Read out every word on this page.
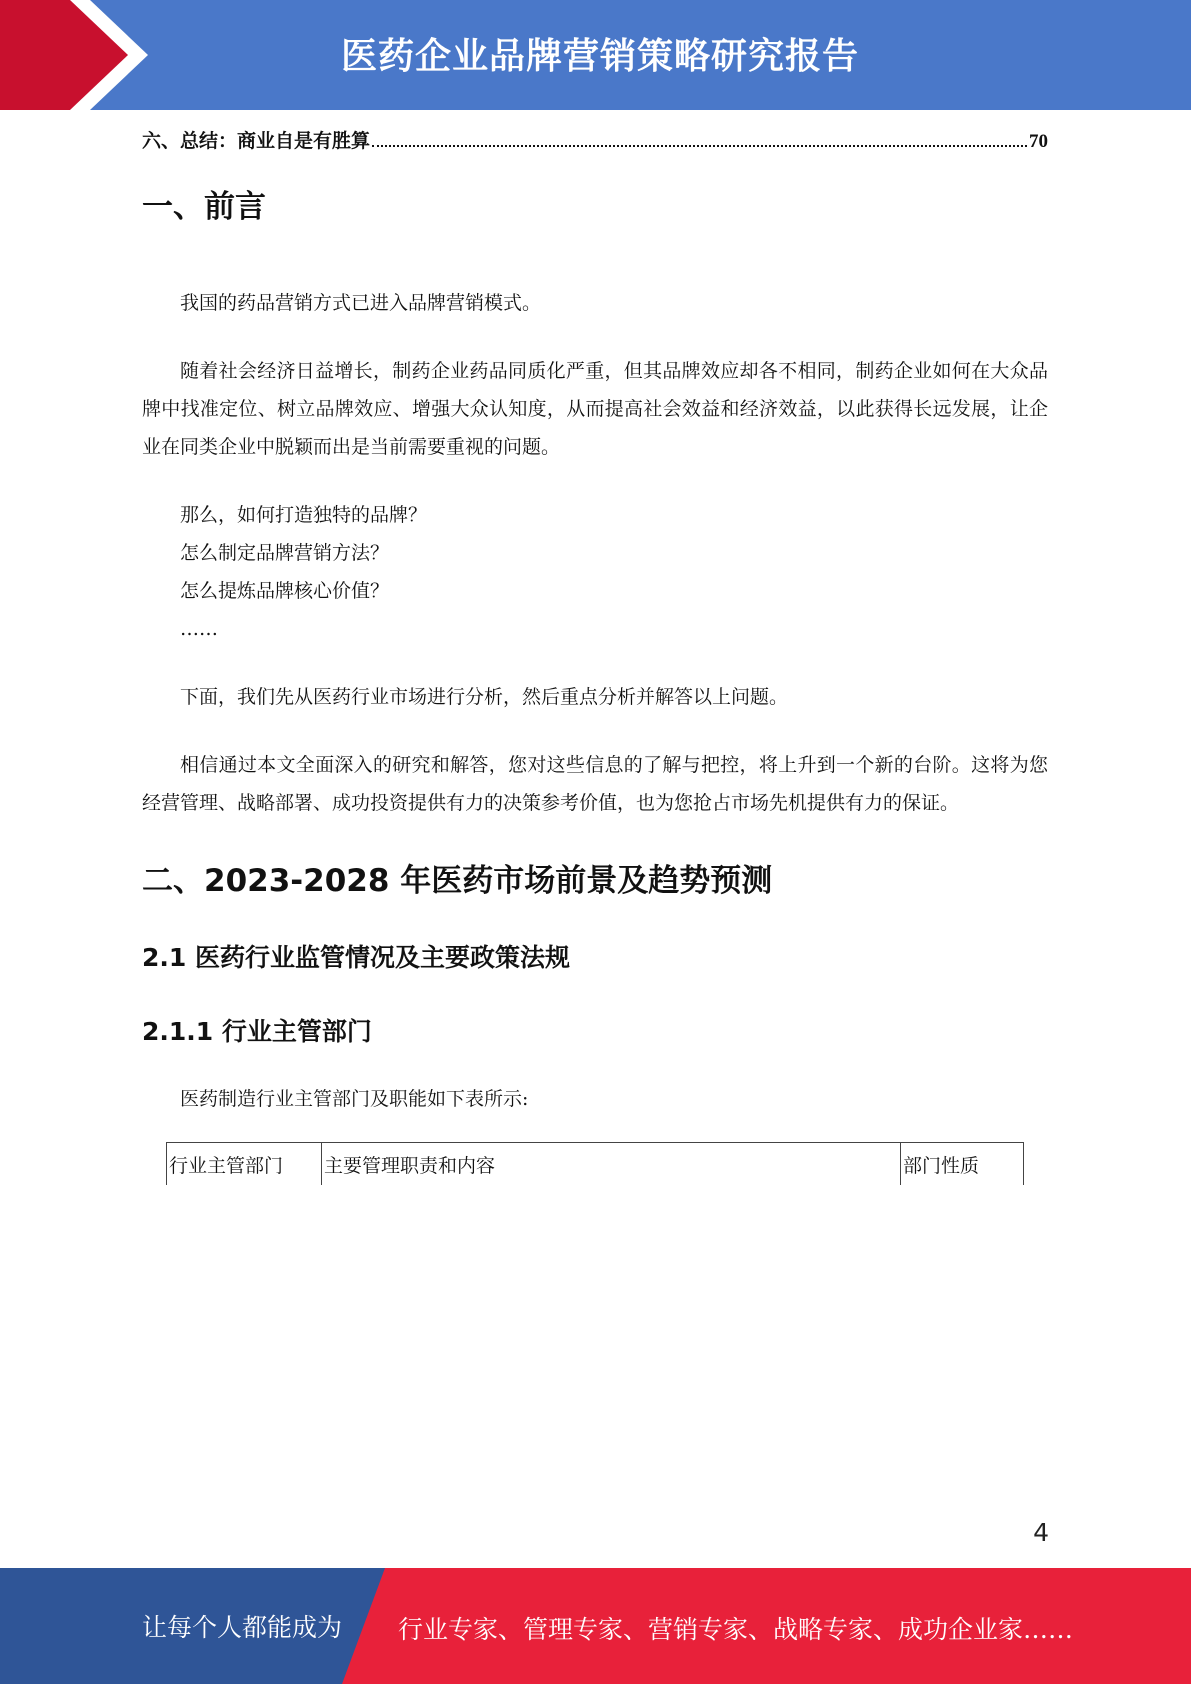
医药企业品牌营销策略研究报告
六、总结：商业自是有胜算	70
一、前言

我国的药品营销方式已进入品牌营销模式。

随着社会经济日益增长，制药企业药品同质化严重，但其品牌效应却各不相同，制药企业如何在大众品牌中找准定位、树立品牌效应、增强大众认知度，从而提高社会效益和经济效益，以此获得长远发展，让企业在同类企业中脱颖而出是当前需要重视的问题。

那么，如何打造独特的品牌？

怎么制定品牌营销方法？

怎么提炼品牌核心价值？

……

下面，我们先从医药行业市场进行分析，然后重点分析并解答以上问题。

相信通过本文全面深入的研究和解答，您对这些信息的了解与把控，将上升到一个新的台阶。这将为您经营管理、战略部署、成功投资提供有力的决策参考价值，也为您抢占市场先机提供有力的保证。

二、2023-2028 年医药市场前景及趋势预测
2.1 医药行业监管情况及主要政策法规
2.1.1 行业主管部门

医药制造行业主管部门及职能如下表所示:

行业主管部门	主要管理职责和内容	部门性质
4
让每个人都能成为 行业专家、管理专家、营销专家、战略专家、成功企业家……
